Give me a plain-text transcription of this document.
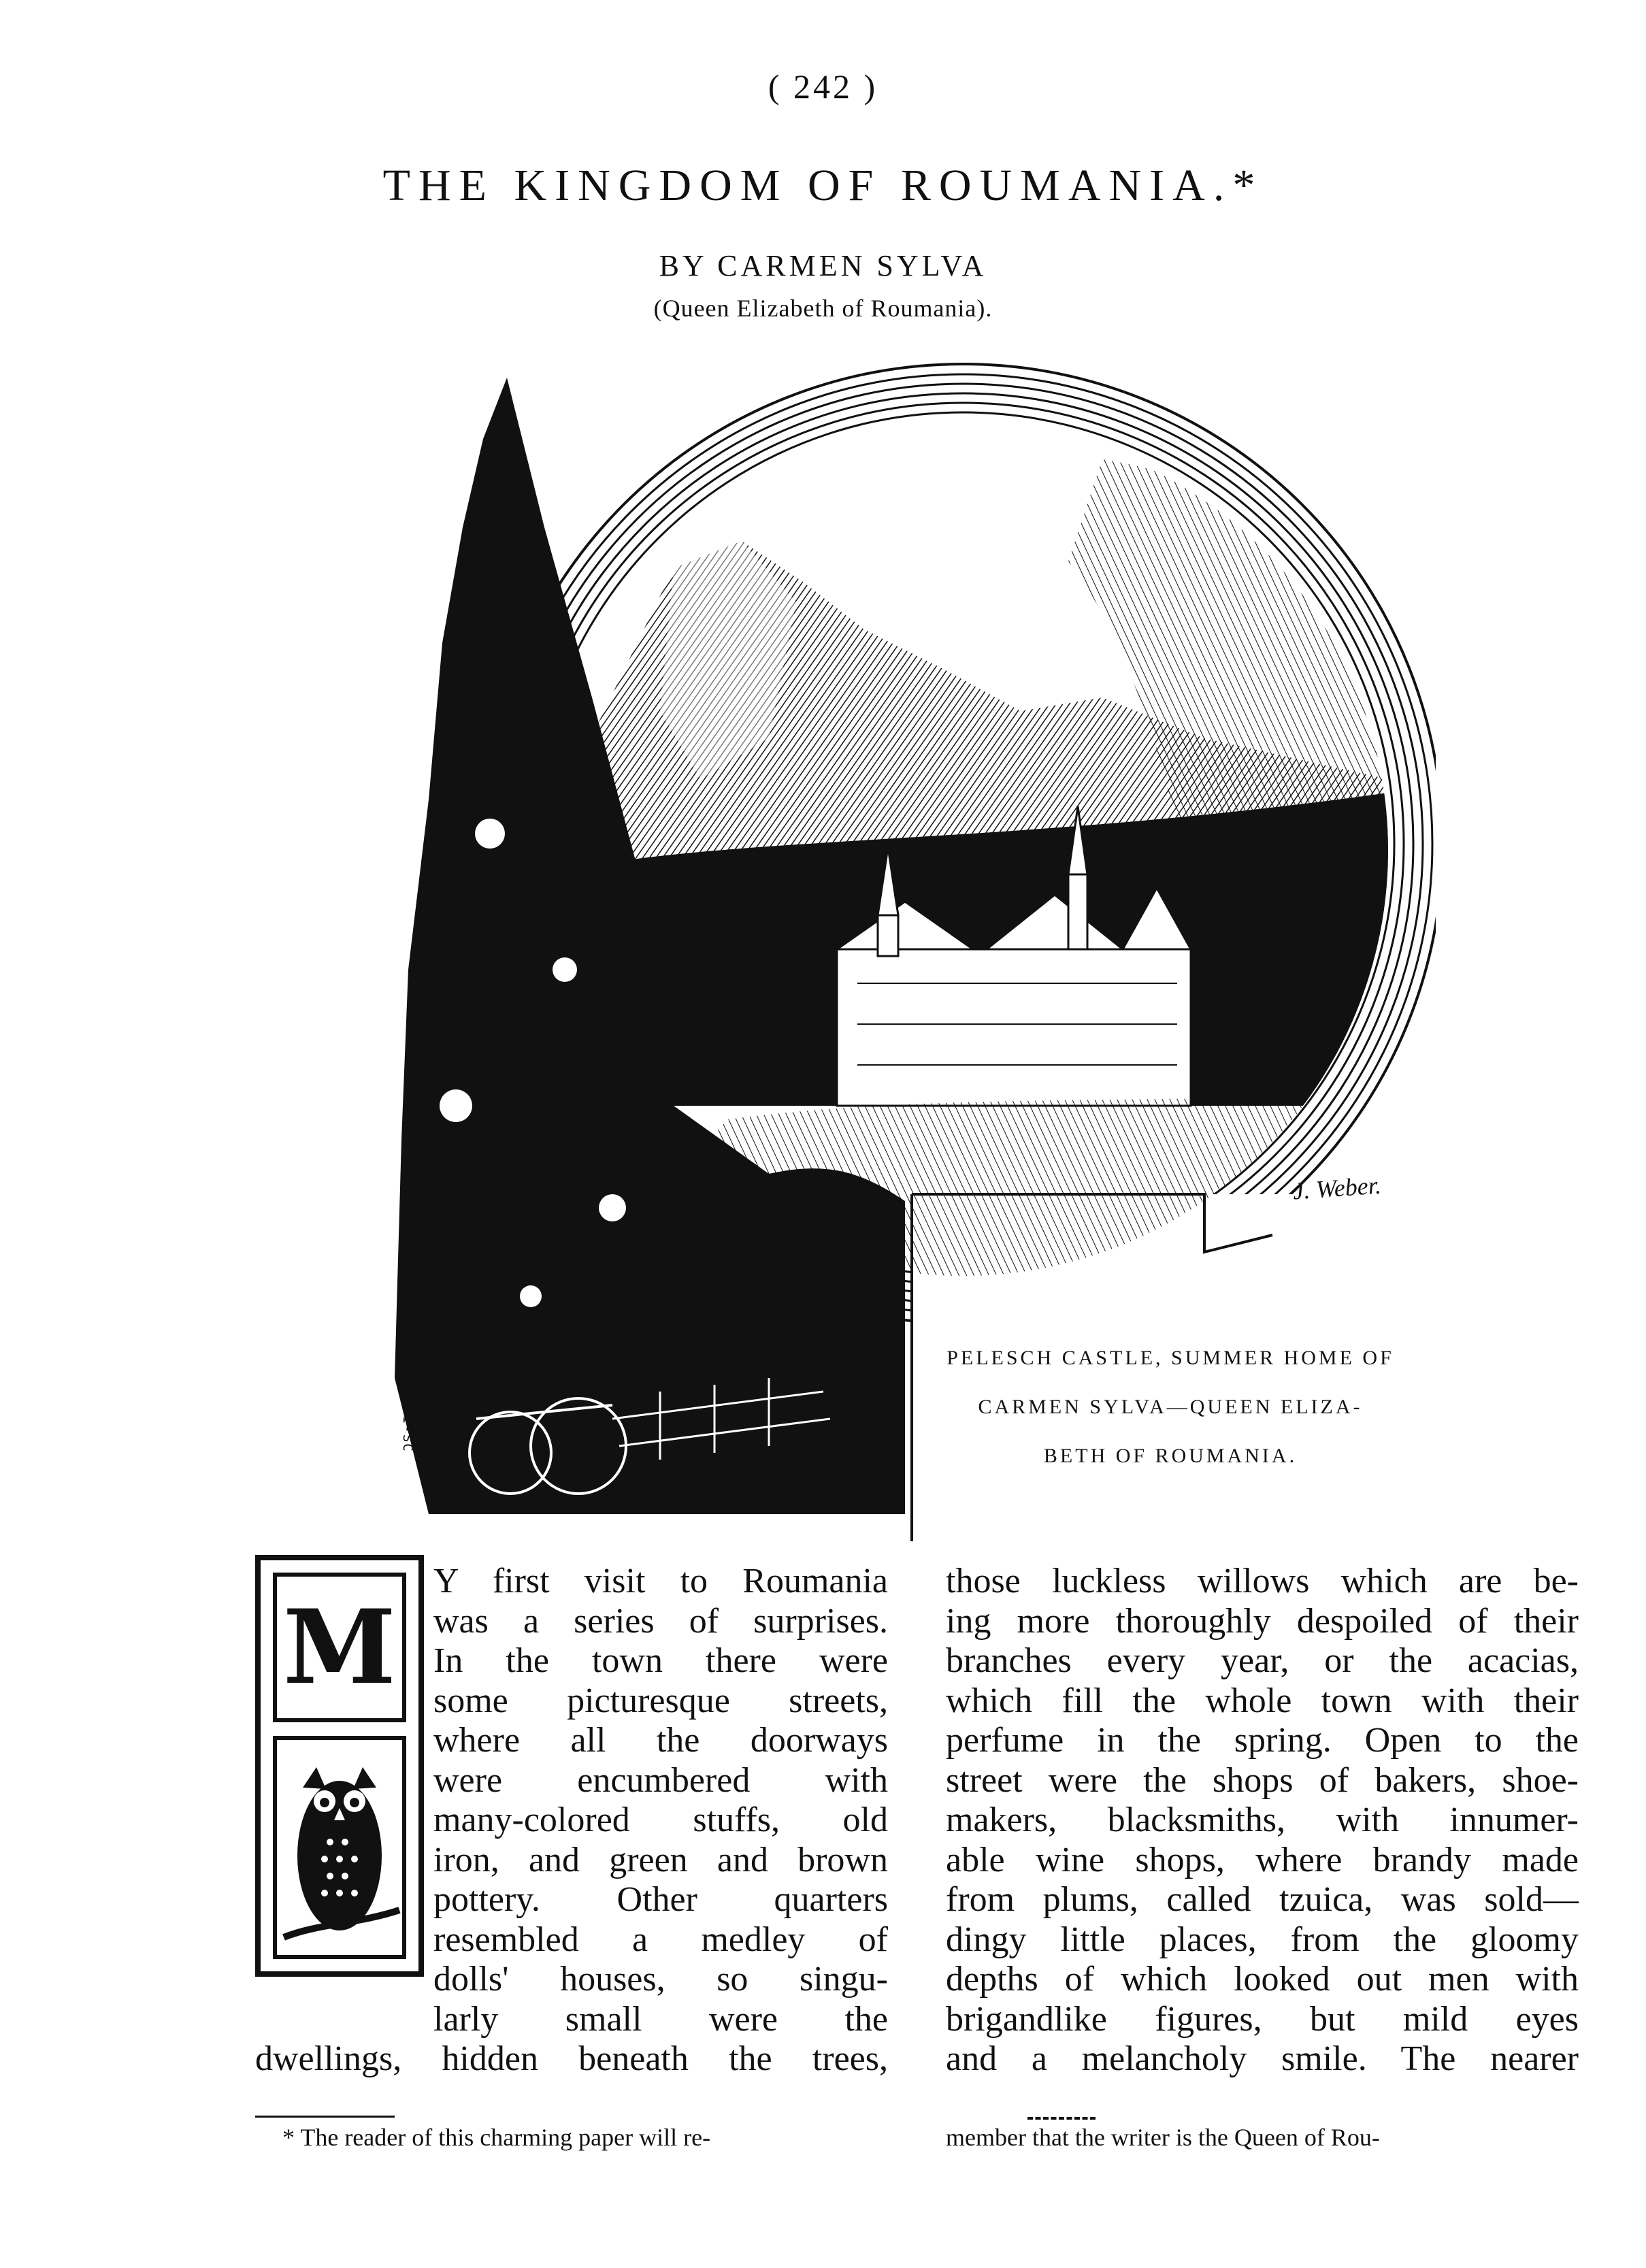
( 242 )
THE KINGDOM OF ROUMANIA.*
BY CARMEN SYLVA
(Queen Elizabeth of Roumania).
J. Weber.
DELL FOSSI-SC	PELESCH CASTLE, SUMMER HOME OF
CARMEN SYLVA—QUEEN ELIZA-
BETH OF ROUMANIA.
M
Y first visit to Roumania
was a series of surprises.
In the town there were
some picturesque streets,
where all the doorways
were encumbered with
many-colored stuffs, old
iron, and green and brown
pottery. Other quarters
resembled a medley of
dolls' houses, so singu-
larly small were the
dwellings, hidden beneath the trees,
those luckless willows which are be-
ing more thoroughly despoiled of their
branches every year, or the acacias,
which fill the whole town with their
perfume in the spring. Open to the
street were the shops of bakers, shoe-
makers, blacksmiths, with innumer-
able wine shops, where brandy made
from plums, called tzuica, was sold—
dingy little places, from the gloomy
depths of which looked out men with
brigandlike figures, but mild eyes
and a melancholy smile. The nearer
* The reader of this charming paper will re-	member that the writer is the Queen of Rou-
